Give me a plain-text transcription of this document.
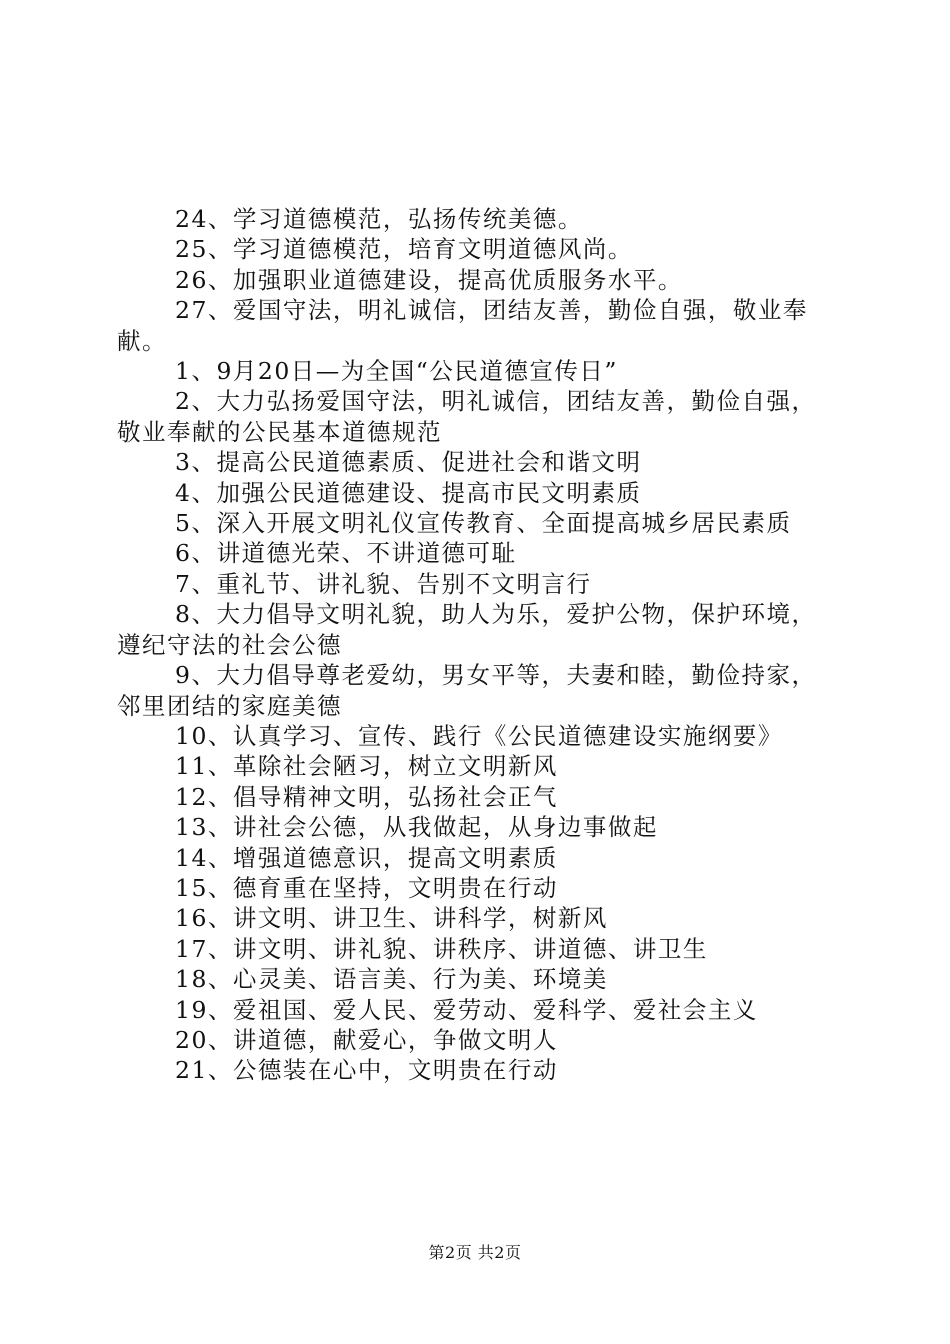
24、学习道德模范，弘扬传统美德。

25、学习道德模范，培育文明道德风尚。

26、加强职业道德建设，提高优质服务水平。

27、爱国守法，明礼诚信，团结友善，勤俭自强，敬业奉献。

1、9月20日—为全国“公民道德宣传日”

2、大力弘扬爱国守法，明礼诚信，团结友善，勤俭自强，敬业奉献的公民基本道德规范

3、提高公民道德素质、促进社会和谐文明

4、加强公民道德建设、提高市民文明素质

5、深入开展文明礼仪宣传教育、全面提高城乡居民素质

6、讲道德光荣、不讲道德可耻

7、重礼节、讲礼貌、告别不文明言行

8、大力倡导文明礼貌，助人为乐，爱护公物，保护环境，遵纪守法的社会公德

9、大力倡导尊老爱幼，男女平等，夫妻和睦，勤俭持家，邻里团结的家庭美德

10、认真学习、宣传、践行《公民道德建设实施纲要》

11、革除社会陋习，树立文明新风

12、倡导精神文明，弘扬社会正气

13、讲社会公德，从我做起，从身边事做起

14、增强道德意识，提高文明素质

15、德育重在坚持，文明贵在行动

16、讲文明、讲卫生、讲科学，树新风

17、讲文明、讲礼貌、讲秩序、讲道德、讲卫生

18、心灵美、语言美、行为美、环境美

19、爱祖国、爱人民、爱劳动、爱科学、爱社会主义

20、讲道德，献爱心，争做文明人

21、公德装在心中，文明贵在行动

第2页 共2页
